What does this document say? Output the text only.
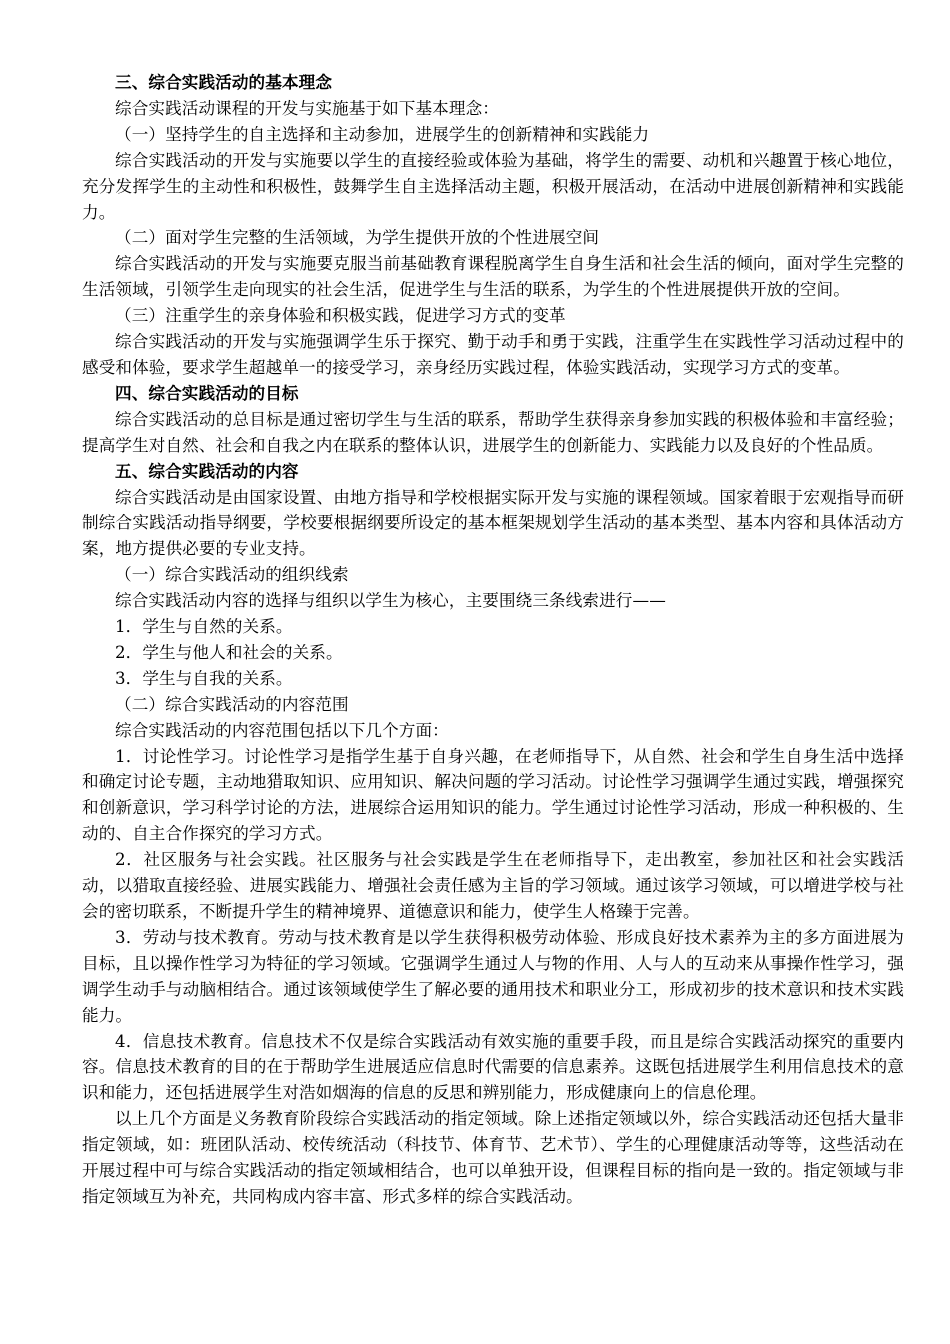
三、综合实践活动的基本理念

综合实践活动课程的开发与实施基于如下基本理念：

（一）坚持学生的自主选择和主动参加，进展学生的创新精神和实践能力

综合实践活动的开发与实施要以学生的直接经验或体验为基础，将学生的需要、动机和兴趣置于核心地位，充分发挥学生的主动性和积极性，鼓舞学生自主选择活动主题，积极开展活动，在活动中进展创新精神和实践能力。

（二）面对学生完整的生活领域，为学生提供开放的个性进展空间

综合实践活动的开发与实施要克服当前基础教育课程脱离学生自身生活和社会生活的倾向，面对学生完整的生活领域，引领学生走向现实的社会生活，促进学生与生活的联系，为学生的个性进展提供开放的空间。

（三）注重学生的亲身体验和积极实践，促进学习方式的变革

综合实践活动的开发与实施强调学生乐于探究、勤于动手和勇于实践，注重学生在实践性学习活动过程中的感受和体验，要求学生超越单一的接受学习，亲身经历实践过程，体验实践活动，实现学习方式的变革。

四、综合实践活动的目标

综合实践活动的总目标是通过密切学生与生活的联系，帮助学生获得亲身参加实践的积极体验和丰富经验；提高学生对自然、社会和自我之内在联系的整体认识，进展学生的创新能力、实践能力以及良好的个性品质。

五、综合实践活动的内容

综合实践活动是由国家设置、由地方指导和学校根据实际开发与实施的课程领域。国家着眼于宏观指导而研制综合实践活动指导纲要，学校要根据纲要所设定的基本框架规划学生活动的基本类型、基本内容和具体活动方案，地方提供必要的专业支持。

（一）综合实践活动的组织线索

综合实践活动内容的选择与组织以学生为核心，主要围绕三条线索进行——

1．学生与自然的关系。

2．学生与他人和社会的关系。

3．学生与自我的关系。

（二）综合实践活动的内容范围

综合实践活动的内容范围包括以下几个方面：

1．讨论性学习。讨论性学习是指学生基于自身兴趣，在老师指导下，从自然、社会和学生自身生活中选择和确定讨论专题，主动地猎取知识、应用知识、解决问题的学习活动。讨论性学习强调学生通过实践，增强探究和创新意识，学习科学讨论的方法，进展综合运用知识的能力。学生通过讨论性学习活动，形成一种积极的、生动的、自主合作探究的学习方式。

2．社区服务与社会实践。社区服务与社会实践是学生在老师指导下，走出教室，参加社区和社会实践活动，以猎取直接经验、进展实践能力、增强社会责任感为主旨的学习领域。通过该学习领域，可以增进学校与社会的密切联系，不断提升学生的精神境界、道德意识和能力，使学生人格臻于完善。

3．劳动与技术教育。劳动与技术教育是以学生获得积极劳动体验、形成良好技术素养为主的多方面进展为目标，且以操作性学习为特征的学习领域。它强调学生通过人与物的作用、人与人的互动来从事操作性学习，强调学生动手与动脑相结合。通过该领域使学生了解必要的通用技术和职业分工，形成初步的技术意识和技术实践能力。

4．信息技术教育。信息技术不仅是综合实践活动有效实施的重要手段，而且是综合实践活动探究的重要内容。信息技术教育的目的在于帮助学生进展适应信息时代需要的信息素养。这既包括进展学生利用信息技术的意识和能力，还包括进展学生对浩如烟海的信息的反思和辨别能力，形成健康向上的信息伦理。

以上几个方面是义务教育阶段综合实践活动的指定领域。除上述指定领域以外，综合实践活动还包括大量非指定领域，如：班团队活动、校传统活动（科技节、体育节、艺术节）、学生的心理健康活动等等，这些活动在开展过程中可与综合实践活动的指定领域相结合，也可以单独开设，但课程目标的指向是一致的。指定领域与非指定领域互为补充，共同构成内容丰富、形式多样的综合实践活动。
